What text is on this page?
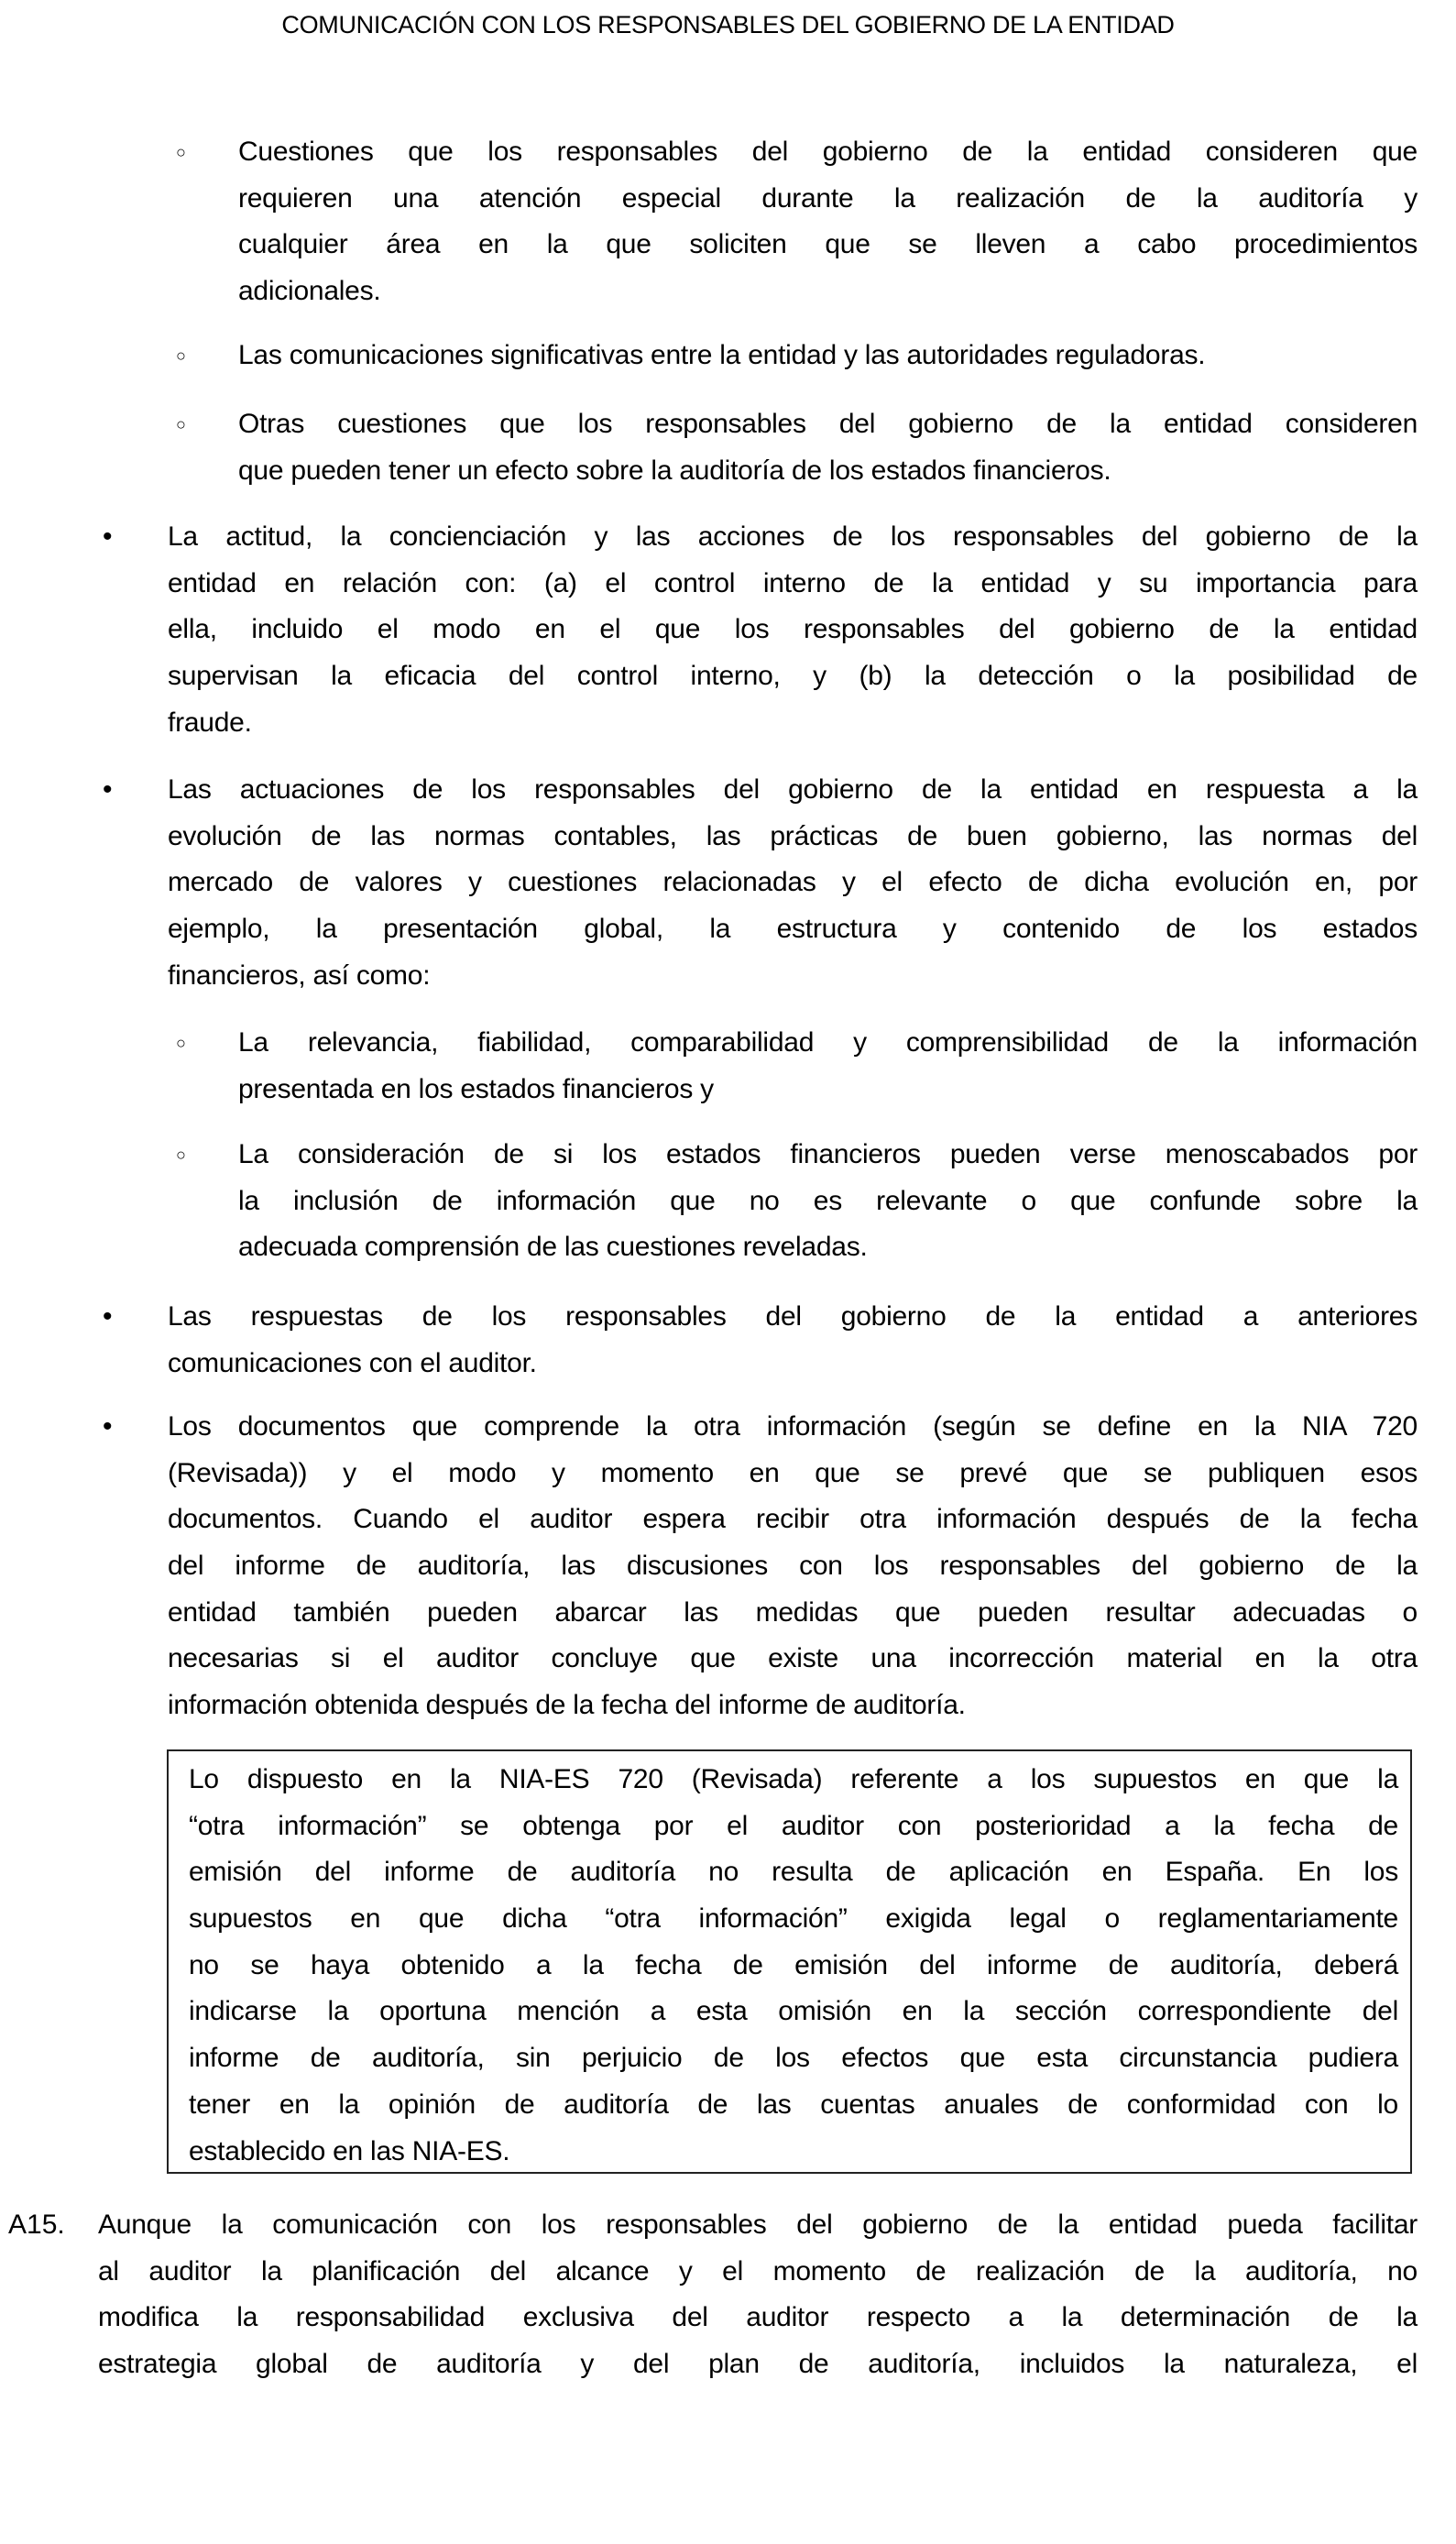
COMUNICACIÓN CON LOS RESPONSABLES DEL GOBIERNO DE LA ENTIDAD
○ Cuestiones que los responsables del gobierno de la entidad consideren que
requieren una atención especial durante la realización de la auditoría y
cualquier área en la que soliciten que se lleven a cabo procedimientos
adicionales.
○ Las comunicaciones significativas entre la entidad y las autoridades reguladoras.
○ Otras cuestiones que los responsables del gobierno de la entidad consideren
que pueden tener un efecto sobre la auditoría de los estados financieros.
• La actitud, la concienciación y las acciones de los responsables del gobierno de la
entidad en relación con: (a) el control interno de la entidad y su importancia para
ella, incluido el modo en el que los responsables del gobierno de la entidad
supervisan la eficacia del control interno, y (b) la detección o la posibilidad de
fraude.
• Las actuaciones de los responsables del gobierno de la entidad en respuesta a la
evolución de las normas contables, las prácticas de buen gobierno, las normas del
mercado de valores y cuestiones relacionadas y el efecto de dicha evolución en, por
ejemplo, la presentación global, la estructura y contenido de los estados
financieros, así como:
○ La relevancia, fiabilidad, comparabilidad y comprensibilidad de la información
presentada en los estados financieros y
○ La consideración de si los estados financieros pueden verse menoscabados por
la inclusión de información que no es relevante o que confunde sobre la
adecuada comprensión de las cuestiones reveladas.
• Las respuestas de los responsables del gobierno de la entidad a anteriores
comunicaciones con el auditor.
• Los documentos que comprende la otra información (según se define en la NIA 720
(Revisada)) y el modo y momento en que se prevé que se publiquen esos
documentos. Cuando el auditor espera recibir otra información después de la fecha
del informe de auditoría, las discusiones con los responsables del gobierno de la
entidad también pueden abarcar las medidas que pueden resultar adecuadas o
necesarias si el auditor concluye que existe una incorrección material en la otra
información obtenida después de la fecha del informe de auditoría.
Lo dispuesto en la NIA-ES 720 (Revisada) referente a los supuestos en que la
“otra información” se obtenga por el auditor con posterioridad a la fecha de
emisión del informe de auditoría no resulta de aplicación en España. En los
supuestos en que dicha “otra información” exigida legal o reglamentariamente
no se haya obtenido a la fecha de emisión del informe de auditoría, deberá
indicarse la oportuna mención a esta omisión en la sección correspondiente del
informe de auditoría, sin perjuicio de los efectos que esta circunstancia pudiera
tener en la opinión de auditoría de las cuentas anuales de conformidad con lo
establecido en las NIA-ES.
A15. Aunque la comunicación con los responsables del gobierno de la entidad pueda facilitar
al auditor la planificación del alcance y el momento de realización de la auditoría, no
modifica la responsabilidad exclusiva del auditor respecto a la determinación de la
estrategia global de auditoría y del plan de auditoría, incluidos la naturaleza, el
